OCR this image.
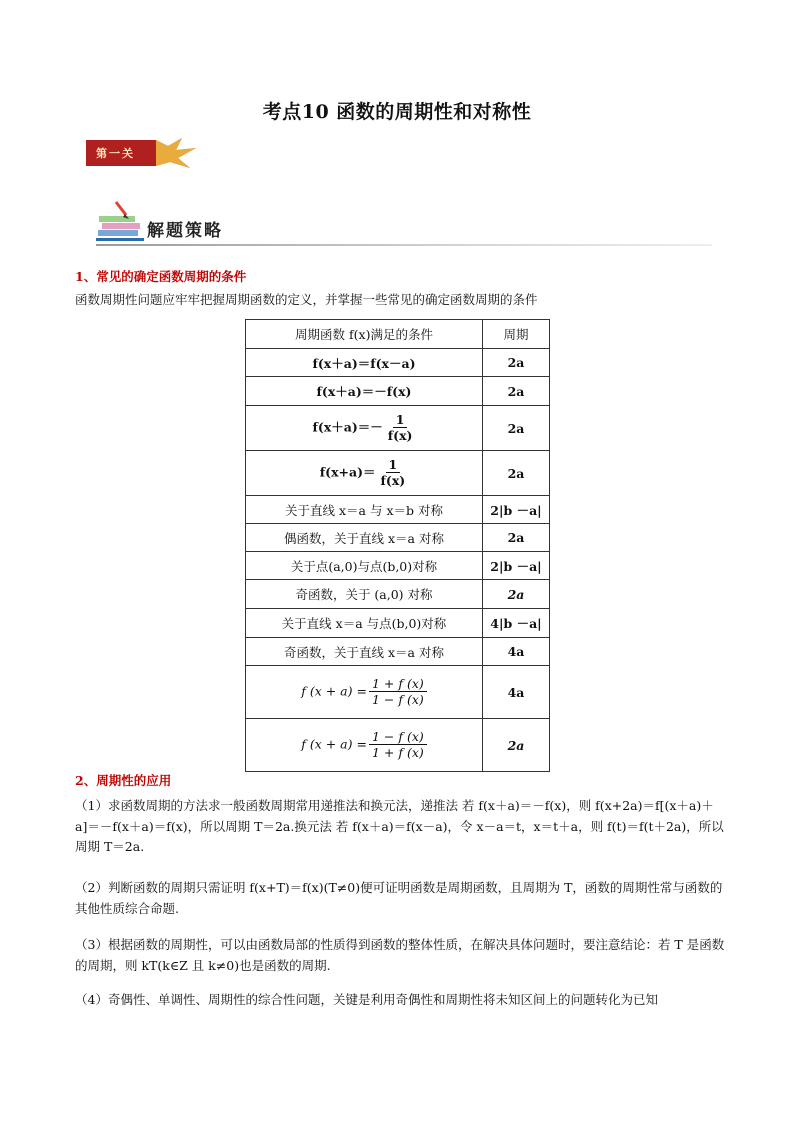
考点10 函数的周期性和对称性
第一关
解题策略
1、常见的确定函数周期的条件
函数周期性问题应牢牢把握周期函数的定义，并掌握一些常见的确定函数周期的条件
周期函数 f(x)满足的条件	周期
f(x＋a)＝f(x－a)	2a
f(x＋a)＝－f(x)	2a
$f(x+a)=- \frac{1}{f(x)}$	2a
$f(x+a)= \frac{1}{f(x)}$	2a
关于直线 x＝a 与 x＝b 对称	2|b －a|
偶函数，关于直线 x＝a 对称	2a
关于点(a,0)与点(b,0)对称	2|b －a|
奇函数，关于 (a,0) 对称	2a
关于直线 x＝a 与点(b,0)对称	4|b －a|
奇函数，关于直线 x＝a 对称	4a
f $(x + a) = \frac{1 + f (x)}{1 - f (x)}$	4a
f $(x + a) = \frac{1 - f (x)}{1 + f (x)}$	2a
2、周期性的应用
（1）求函数周期的方法求一般函数周期常用递推法和换元法，递推法 若 f(x＋a)＝－f(x)，则 f(x+2a)＝f[(x＋a)＋a]＝－f(x＋a)＝f(x)，所以周期 T＝2a.换元法 若 f(x＋a)＝f(x－a)，令 x－a＝t，x＝t＋a，则 f(t)＝f(t＋2a)，所以周期 T＝2a.
（2）判断函数的周期只需证明 f(x+T)＝f(x)(T≠0)便可证明函数是周期函数，且周期为 T，函数的周期性常与函数的其他性质综合命题.
（3）根据函数的周期性，可以由函数局部的性质得到函数的整体性质，在解决具体问题时，要注意结论：若 T 是函数的周期，则 kT(k∈Z 且 k≠0)也是函数的周期.
（4）奇偶性、单调性、周期性的综合性问题，关键是利用奇偶性和周期性将未知区间上的问题转化为已知
